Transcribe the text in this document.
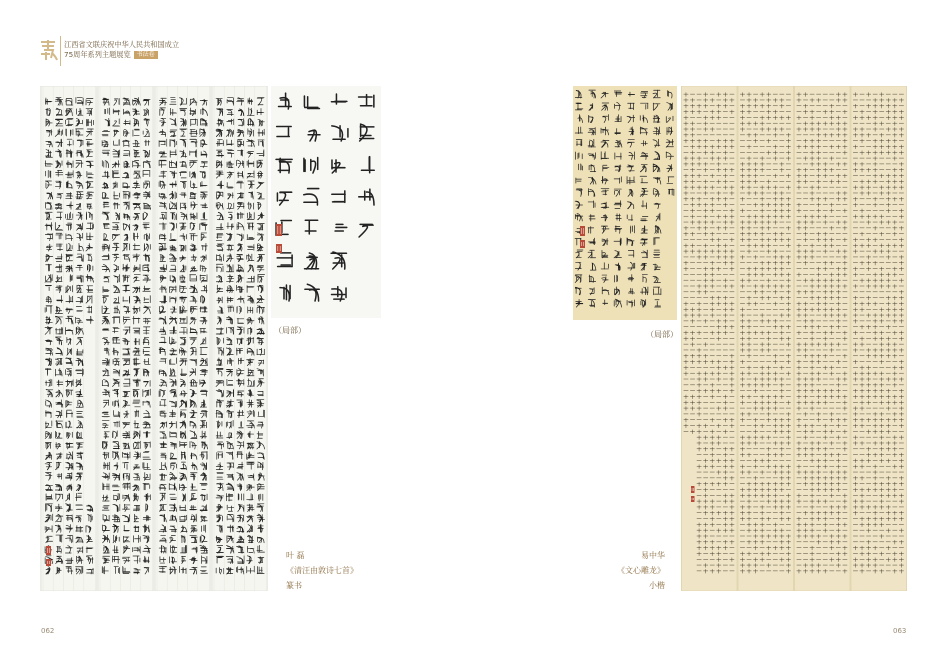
江西省文联庆祝中华人民共和国成立
75周年系列主题展览 书法卷
（局部）
叶 磊
《清汪由敦诗七首》
篆书
062
（局部）
易中华
《文心雕龙》
小楷
063
